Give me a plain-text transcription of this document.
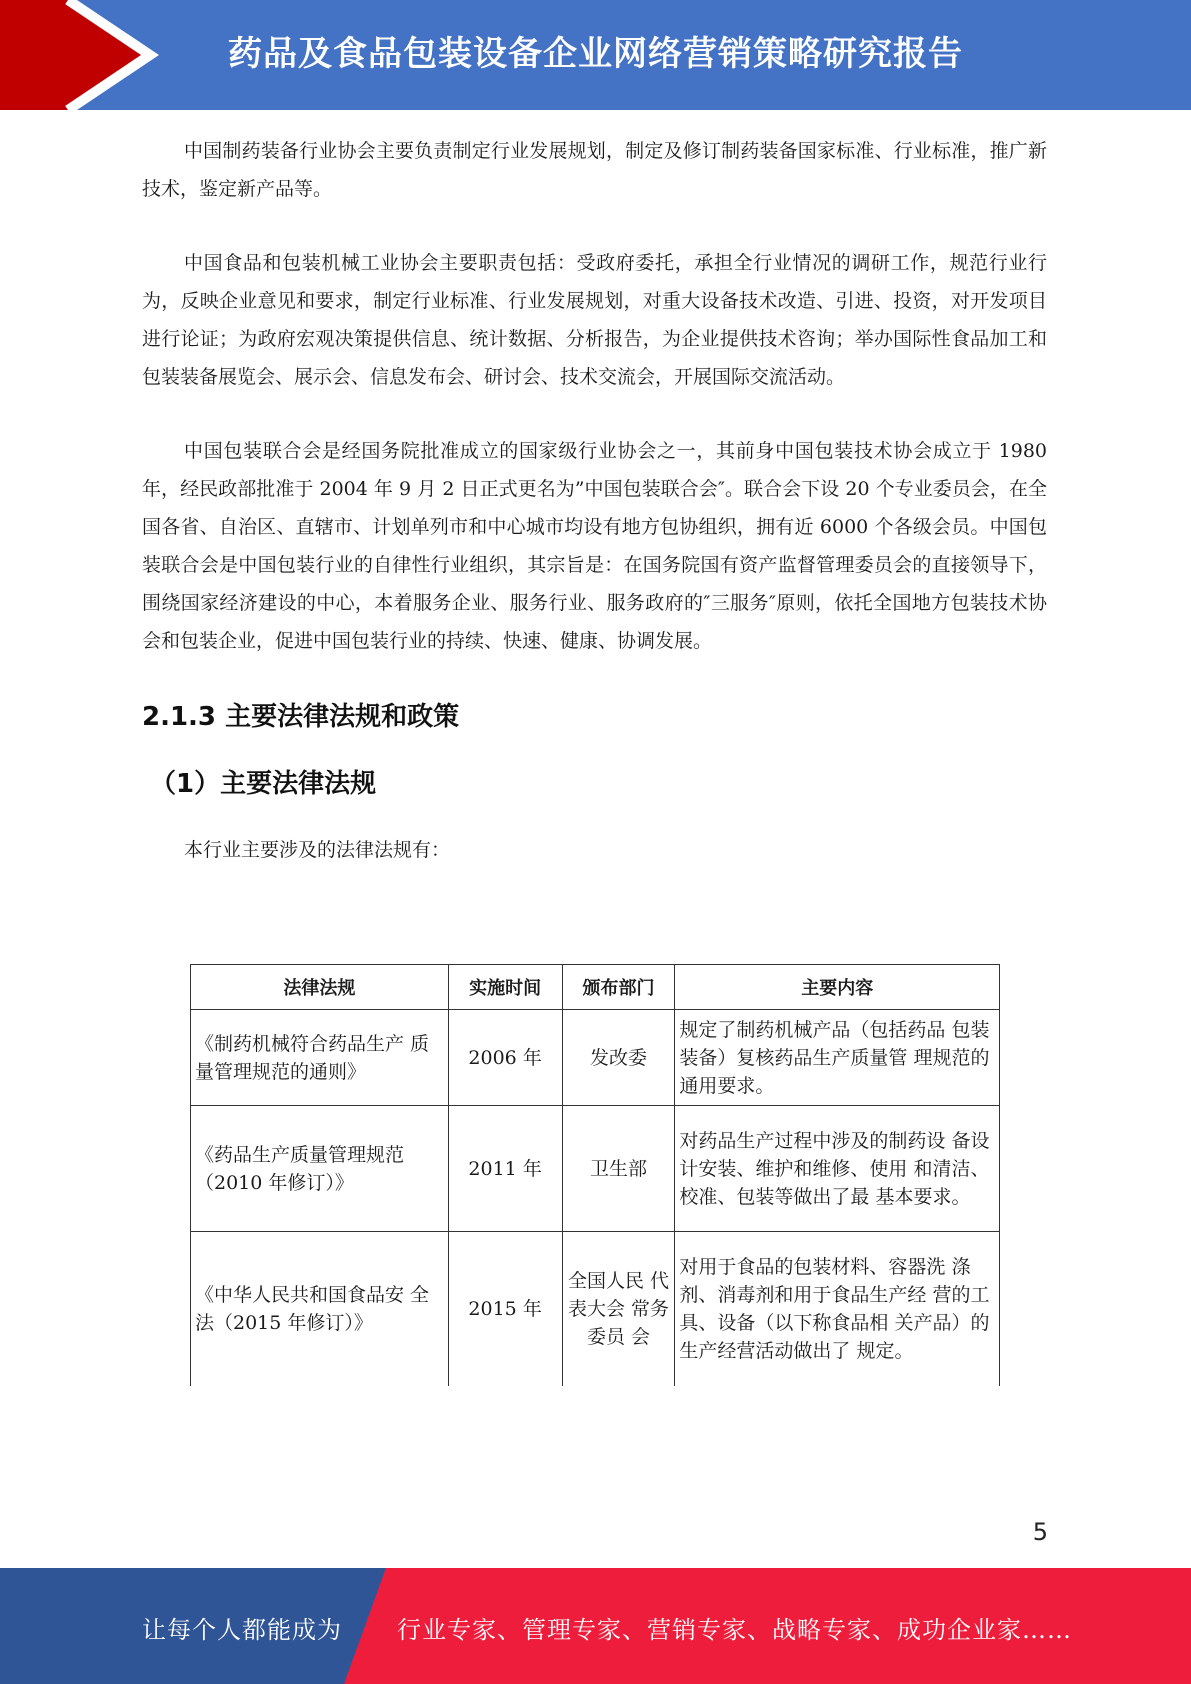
药品及食品包装设备企业网络营销策略研究报告

中国制药装备行业协会主要负责制定行业发展规划，制定及修订制药装备国家标准、行业标准，推广新技术，鉴定新产品等。

中国食品和包装机械工业协会主要职责包括：受政府委托，承担全行业情况的调研工作，规范行业行为，反映企业意见和要求，制定行业标准、行业发展规划，对重大设备技术改造、引进、投资，对开发项目进行论证；为政府宏观决策提供信息、统计数据、分析报告，为企业提供技术咨询；举办国际性食品加工和包装装备展览会、展示会、信息发布会、研讨会、技术交流会，开展国际交流活动。

中国包装联合会是经国务院批准成立的国家级行业协会之一，其前身中国包装技术协会成立于 1980 年，经民政部批准于 2004 年 9 月 2 日正式更名为”中国包装联合会″。联合会下设 20 个专业委员会，在全国各省、自治区、直辖市、计划单列市和中心城市均设有地方包协组织，拥有近 6000 个各级会员。中国包装联合会是中国包装行业的自律性行业组织，其宗旨是：在国务院国有资产监督管理委员会的直接领导下，围绕国家经济建设的中心，本着服务企业、服务行业、服务政府的″三服务″原则，依托全国地方包装技术协会和包装企业，促进中国包装行业的持续、快速、健康、协调发展。

2.1.3 主要法律法规和政策
（1）主要法律法规

本行业主要涉及的法律法规有：

法律法规	实施时间	颁布部门	主要内容
《制药机械符合药品生产 质量管理规范的通则》	2006 年	发改委	规定了制药机械产品（包括药品 包装装备）复核药品生产质量管 理规范的通用要求。
《药品生产质量管理规范（2010 年修订）》	2011 年	卫生部	对药品生产过程中涉及的制药设 备设计安装、维护和维修、使用 和清洁、校准、包装等做出了最 基本要求。
《中华人民共和国食品安 全法（2015 年修订）》	2015 年	全国人民 代表大会 常务委员 会	对用于食品的包装材料、容器洗 涤剂、消毒剂和用于食品生产经 营的工具、设备（以下称食品相 关产品）的生产经营活动做出了 规定。
5
让每个人都能成为 行业专家、管理专家、营销专家、战略专家、成功企业家……
